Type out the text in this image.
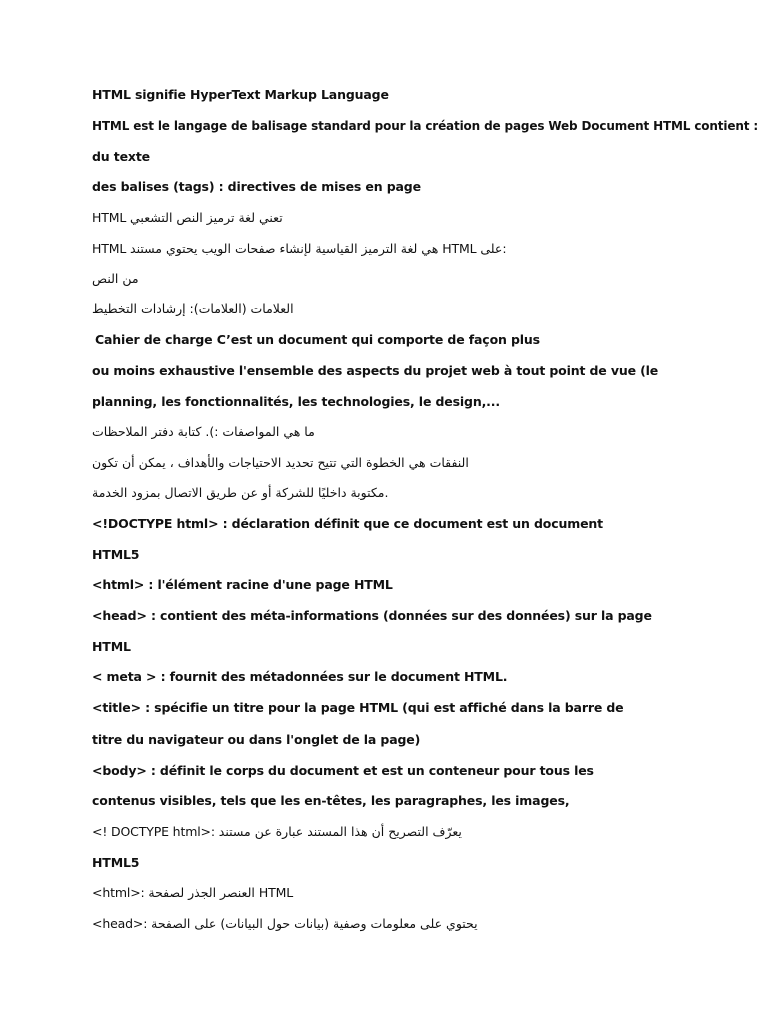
HTML signifie HyperText Markup Language
HTML est le langage de balisage standard pour la création de pages Web Document HTML contient :
du texte
des balises (tags) : directives de mises en page
HTML تعني لغة ترميز النص التشعبي
HTML هي لغة الترميز القياسية لإنشاء صفحات الويب يحتوي مستند HTML على:
من النص
العلامات (العلامات): إرشادات التخطيط
Cahier de charge C’est un document qui comporte de façon plus
ou moins exhaustive l'ensemble des aspects du projet web à tout point de vue (le
planning, les fonctionnalités, les technologies, le design,...
ما هي المواصفات :). كتابة دفتر الملاحظات
النفقات هي الخطوة التي تتيح تحديد الاحتياجات والأهداف ، يمكن أن تكون
مكتوبة داخليًا للشركة أو عن طريق الاتصال بمزود الخدمة.
<!DOCTYPE html> : déclaration définit que ce document est un document
HTML5
<html> : l'élément racine d'une page HTML
<head> : contient des méta-informations (données sur des données) sur la page
HTML
< meta > : fournit des métadonnées sur le document HTML.
<title> : spécifie un titre pour la page HTML (qui est affiché dans la barre de
titre du navigateur ou dans l'onglet de la page)
<body> : définit le corps du document et est un conteneur pour tous les
contenus visibles, tels que les en-têtes, les paragraphes, les images,
<! DOCTYPE html>: يعرّف التصريح أن هذا المستند عبارة عن مستند
HTML5
<html>: العنصر الجذر لصفحة HTML
<head>: يحتوي على معلومات وصفية (بيانات حول البيانات) على الصفحة
